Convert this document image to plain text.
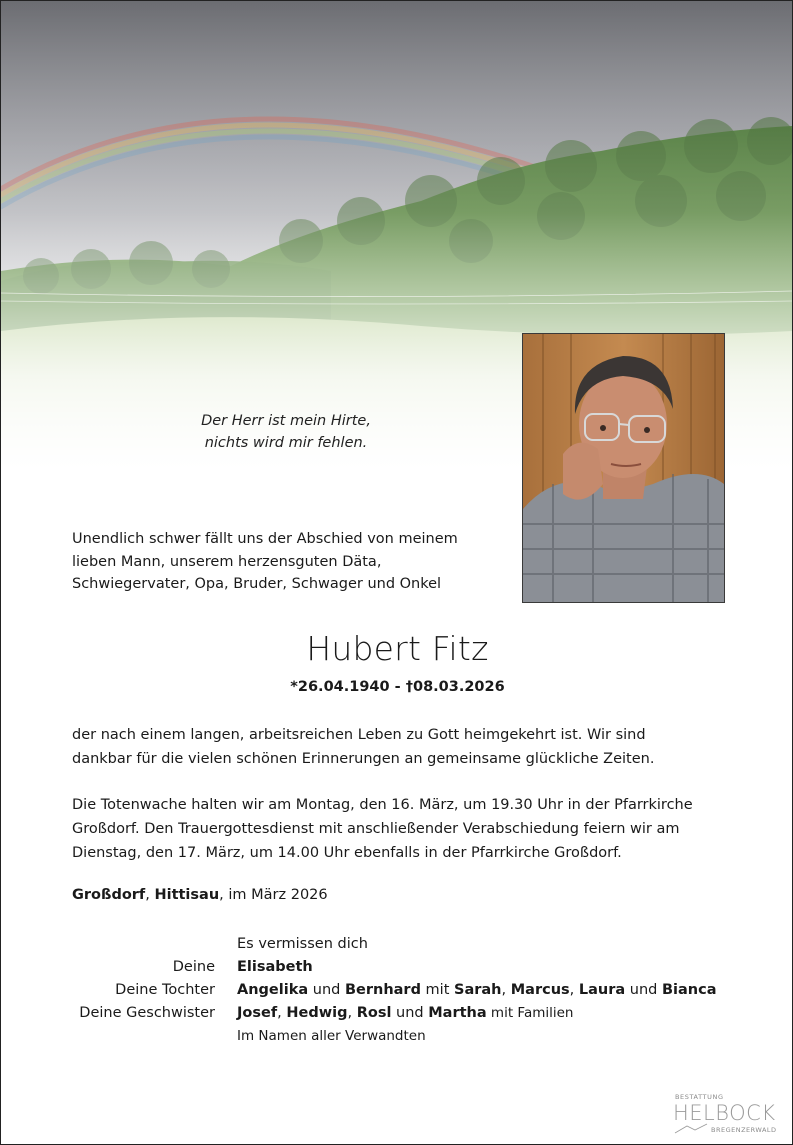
Der Herr ist mein Hirte,
nichts wird mir fehlen.
Unendlich schwer fällt uns der Abschied von meinem
lieben Mann, unserem herzensguten Däta,
Schwiegervater, Opa, Bruder, Schwager und Onkel
Hubert Fitz
*26.04.1940 - †08.03.2026
der nach einem langen, arbeitsreichen Leben zu Gott heimgekehrt ist. Wir sind
dankbar für die vielen schönen Erinnerungen an gemeinsame glückliche Zeiten.
Die Totenwache halten wir am Montag, den 16. März, um 19.30 Uhr in der Pfarrkirche
Großdorf. Den Trauergottesdienst mit anschließender Verabschiedung feiern wir am
Dienstag, den 17. März, um 14.00 Uhr ebenfalls in der Pfarrkirche Großdorf.
Großdorf, Hittisau, im März 2026
Es vermissen dich
Deine Elisabeth
Deine Tochter Angelika und Bernhard mit Sarah, Marcus, Laura und Bianca
Deine Geschwister Josef, Hedwig, Rosl und Martha mit Familien
Im Namen aller Verwandten
BESTATTUNG
HELBOCK
BREGENZERWALD
